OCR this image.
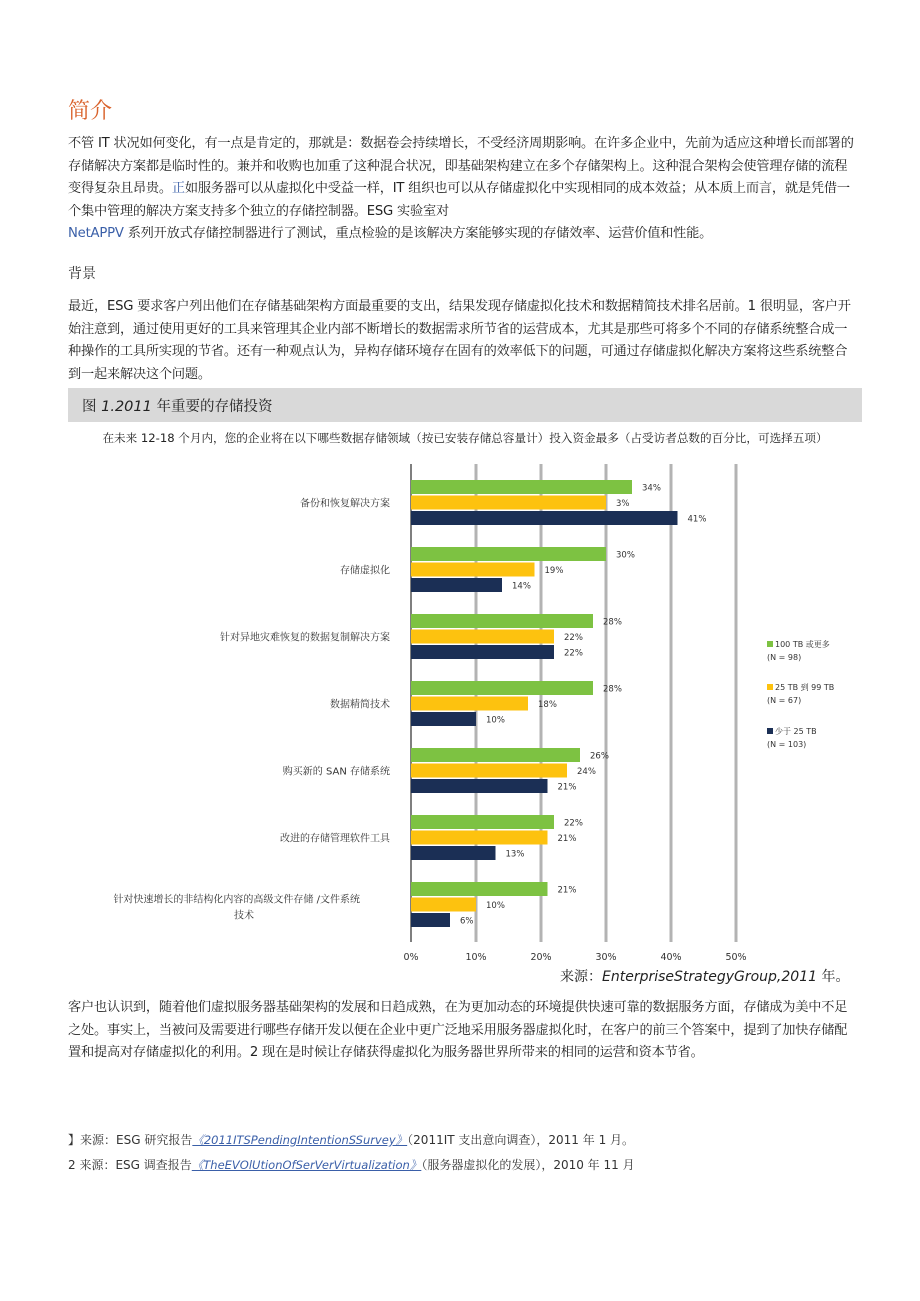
简介
不管 IT 状况如何变化，有一点是肯定的，那就是：数据卷会持续增长，不受经济周期影响。在许多企业中，先前为适应这种增长而部署的存储解决方案都是临时性的。兼并和收购也加重了这种混合状况，即基础架构建立在多个存储架构上。这种混合架构会使管理存储的流程变得复杂且昂贵。正如服务器可以从虚拟化中受益一样，IT 组织也可以从存储虚拟化中实现相同的成本效益；从本质上而言，就是凭借一个集中管理的解决方案支持多个独立的存储控制器。ESG 实验室对
NetAPPV 系列开放式存储控制器进行了测试，重点检验的是该解决方案能够实现的存储效率、运营价值和性能。
背景
最近，ESG 要求客户列出他们在存储基础架构方面最重要的支出，结果发现存储虚拟化技术和数据精简技术排名居前。1 很明显，客户开始注意到，通过使用更好的工具来管理其企业内部不断增长的数据需求所节省的运营成本，尤其是那些可将多个不同的存储系统整合成一种操作的工具所实现的节省。还有一种观点认为，异构存储环境存在固有的效率低下的问题，可通过存储虚拟化解决方案将这些系统整合到一起来解决这个问题。
图 1.2011 年重要的存储投资
在未来 12-18 个月内，您的企业将在以下哪些数据存储领域（按已安装存储总容量计）投入资金最多（占受访者总数的百分比，可选择五项）
0%	10%	20%	30%	40%	50%
34%
3%
41%
备份和恢复解决方案
30%
19%
14%
存储虚拟化
28%
22%
22%
针对异地灾难恢复的数据复制解决方案
28%
18%
10%
数据精简技术
26%
24%
21%
购买新的 SAN 存储系统
22%
21%
13%
改进的存储管理软件工具
21%
10%
6%
针对快速增长的非结构化内容的高级文件存储 /文件系统
技术
100 TB 或更多
(N = 98)
25 TB 到 99 TB
(N = 67)
少于 25 TB
(N = 103)
来源：EnterpriseStrategyGroup,2011 年。
客户也认识到，随着他们虚拟服务器基础架构的发展和日趋成熟，在为更加动态的环境提供快速可靠的数据服务方面，存储成为美中不足之处。事实上，当被问及需要进行哪些存储开发以便在企业中更广泛地采用服务器虚拟化时，在客户的前三个答案中，提到了加快存储配置和提高对存储虚拟化的利用。2 现在是时候让存储获得虚拟化为服务器世界所带来的相同的运营和资本节省。
】来源：ESG 研究报告《2011ITSPendingIntentionSSurvey》（2011IT 支出意向调查），2011 年 1 月。
2 来源：ESG 调查报告《TheEVOlUtionOfSerVerVirtualization》（服务器虚拟化的发展），2010 年 11 月
